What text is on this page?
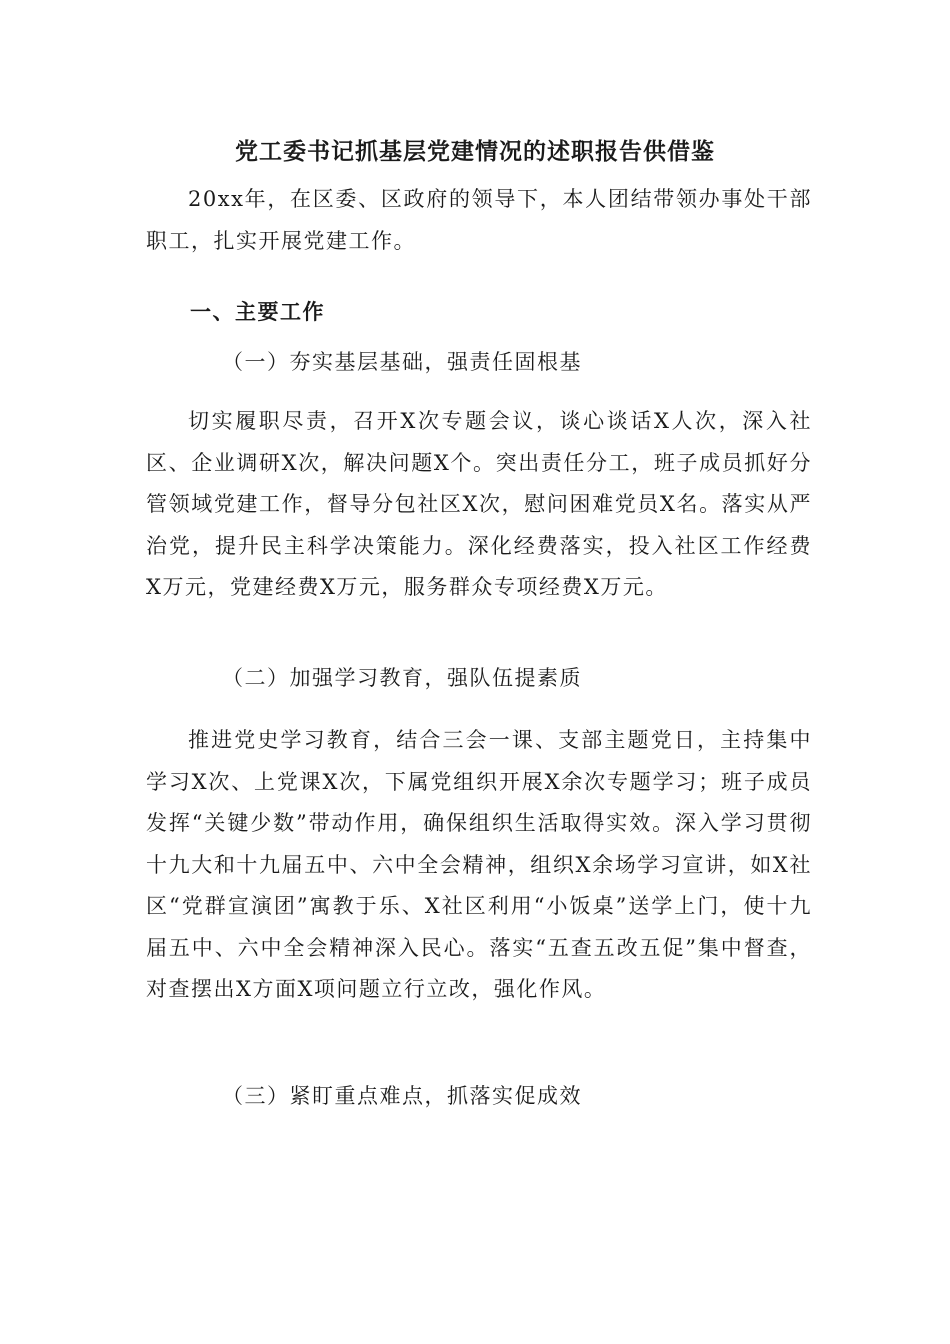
党工委书记抓基层党建情况的述职报告供借鉴

20xx年，在区委、区政府的领导下，本人团结带领办事处干部职工，扎实开展党建工作。

一、主要工作
（一）夯实基层基础，强责任固根基

切实履职尽责，召开X次专题会议，谈心谈话X人次，深入社区、企业调研X次，解决问题X个。突出责任分工，班子成员抓好分管领域党建工作，督导分包社区X次，慰问困难党员X名。落实从严治党，提升民主科学决策能力。深化经费落实，投入社区工作经费X万元，党建经费X万元，服务群众专项经费X万元。

（二）加强学习教育，强队伍提素质

推进党史学习教育，结合三会一课、支部主题党日，主持集中学习X次、上党课X次，下属党组织开展X余次专题学习；班子成员发挥“关键少数”带动作用，确保组织生活取得实效。深入学习贯彻十九大和十九届五中、六中全会精神，组织X余场学习宣讲，如X社区“党群宣演团”寓教于乐、X社区利用“小饭桌”送学上门，使十九届五中、六中全会精神深入民心。落实“五查五改五促”集中督查，对查摆出X方面X项问题立行立改，强化作风。

（三）紧盯重点难点，抓落实促成效
